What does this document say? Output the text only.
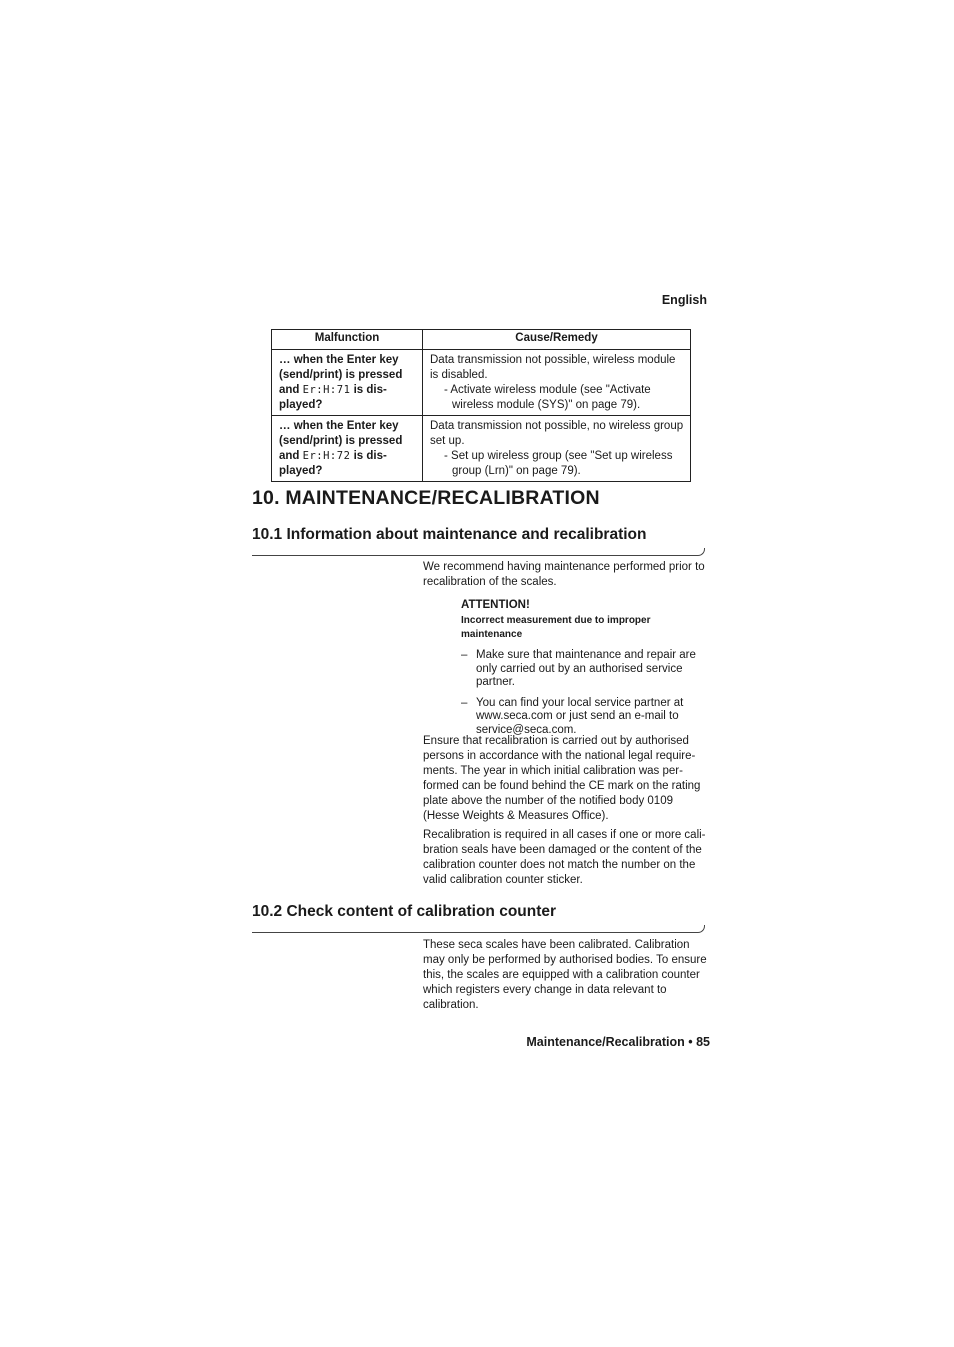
English
Malfunction	Cause/Remedy
… when the Enter key (send/print) is pressed and Er:H:71 is dis-played?	Data transmission not possible, wireless module is disabled.
- Activate wireless module (see "Activate wireless module (SYS)" on page 79).

… when the Enter key (send/print) is pressed and Er:H:72 is dis-played?	Data transmission not possible, no wireless group set up.
- Set up wireless group (see "Set up wireless group (Lrn)" on page 79).
10. MAINTENANCE/RECALIBRATION
10.1 Information about maintenance and recalibration

We recommend having maintenance performed prior to recalibration of the scales.

ATTENTION!
Incorrect measurement due to improper maintenance
– Make sure that maintenance and repair are only carried out by an authorised service partner.
– You can find your local service partner at www.seca.com or just send an e-mail to service@seca.com.

Ensure that recalibration is carried out by authorised persons in accordance with the national legal require-ments. The year in which initial calibration was per-formed can be found behind the CE mark on the rating plate above the number of the notified body 0109 (Hesse Weights & Measures Office).

Recalibration is required in all cases if one or more cali-bration seals have been damaged or the content of the calibration counter does not match the number on the valid calibration counter sticker.

10.2 Check content of calibration counter

These seca scales have been calibrated. Calibration may only be performed by authorised bodies. To ensure this, the scales are equipped with a calibration counter which registers every change in data relevant to calibration.

Maintenance/Recalibration • 85
